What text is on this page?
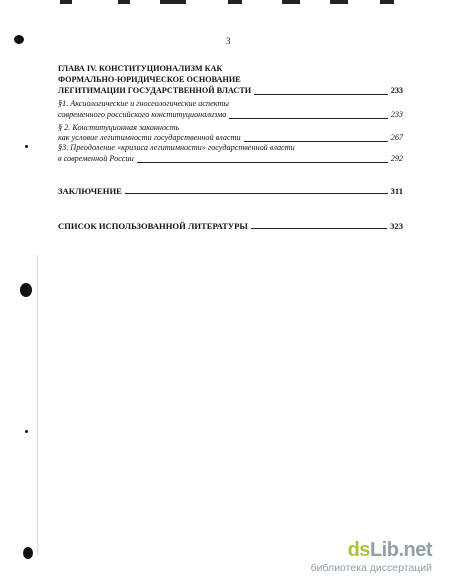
3
ГЛАВА IV. КОНСТИТУЦИОНАЛИЗМ КАК
ФОРМАЛЬНО-ЮРИДИЧЕСКОЕ ОСНОВАНИЕ
ЛЕГИТИМАЦИИ ГОСУДАРСТВЕННОЙ ВЛАСТИ	233
§1. Аксиологические и гносеологические аспекты
современного российского конституционализма	233
§ 2. Конституционная законность
как условие легитимности государственной власти	267
§3. Преодоление «кризиса легитимности» государственной власти
в современной России	292
ЗАКЛЮЧЕНИЕ	311
СПИСОК ИСПОЛЬЗОВАННОЙ ЛИТЕРАТУРЫ	323
dsLib.net
библиотека диссертаций
